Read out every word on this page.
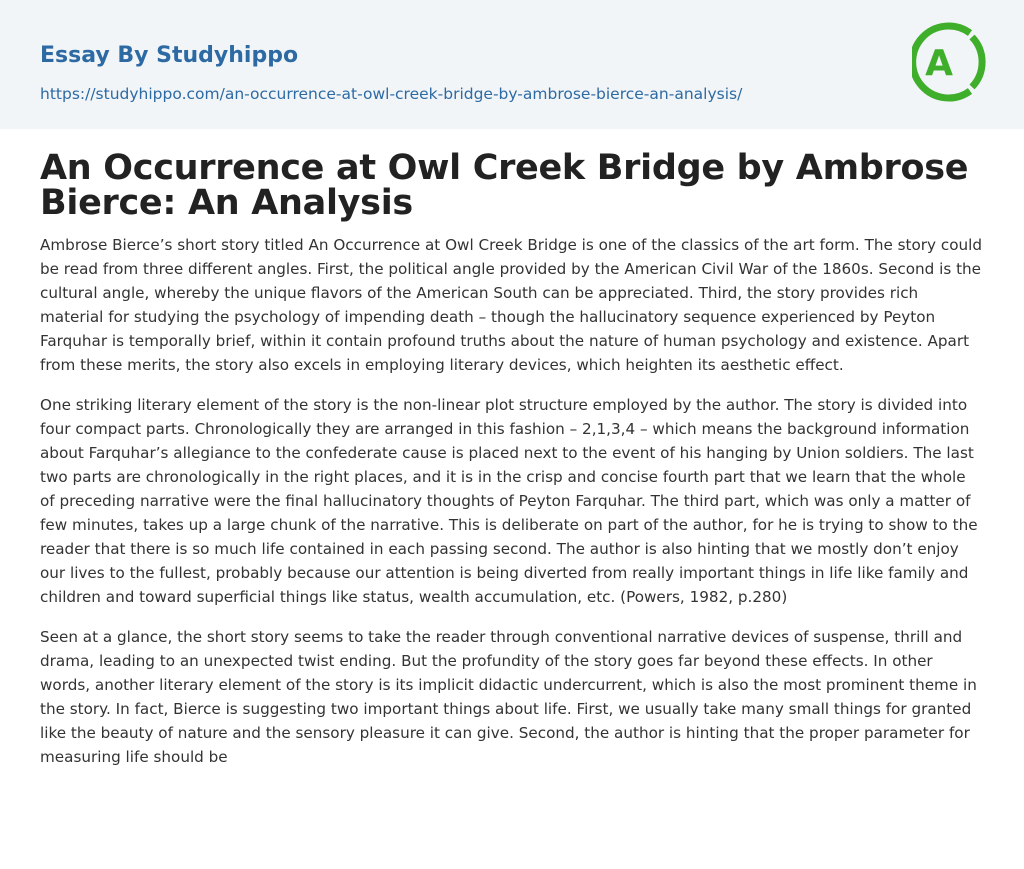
Essay By Studyhippo
https://studyhippo.com/an-occurrence-at-owl-creek-bridge-by-ambrose-bierce-an-analysis/
A
An Occurrence at Owl Creek Bridge by Ambrose Bierce: An Analysis

Ambrose Bierce’s short story titled An Occurrence at Owl Creek Bridge is one of the classics of the art form. The story could be read from three different angles. First, the political angle provided by the American Civil War of the 1860s. Second is the cultural angle, whereby the unique flavors of the American South can be appreciated. Third, the story provides rich material for studying the psychology of impending death – though the hallucinatory sequence experienced by Peyton Farquhar is temporally brief, within it contain profound truths about the nature of human psychology and existence. Apart from these merits, the story also excels in employing literary devices, which heighten its aesthetic effect.

One striking literary element of the story is the non-linear plot structure employed by the author. The story is divided into four compact parts. Chronologically they are arranged in this fashion – 2,1,3,4 – which means the background information about Farquhar’s allegiance to the confederate cause is placed next to the event of his hanging by Union soldiers. The last two parts are chronologically in the right places, and it is in the crisp and concise fourth part that we learn that the whole of preceding narrative were the final hallucinatory thoughts of Peyton Farquhar. The third part, which was only a matter of few minutes, takes up a large chunk of the narrative. This is deliberate on part of the author, for he is trying to show to the reader that there is so much life contained in each passing second. The author is also hinting that we mostly don’t enjoy our lives to the fullest, probably because our attention is being diverted from really important things in life like family and children and toward superficial things like status, wealth accumulation, etc. (Powers, 1982, p.280)

Seen at a glance, the short story seems to take the reader through conventional narrative devices of suspense, thrill and drama, leading to an unexpected twist ending. But the profundity of the story goes far beyond these effects. In other words, another literary element of the story is its implicit didactic undercurrent, which is also the most prominent theme in the story. In fact, Bierce is suggesting two important things about life. First, we usually take many small things for granted like the beauty of nature and the sensory pleasure it can give. Second, the author is hinting that the proper parameter for measuring life should be
